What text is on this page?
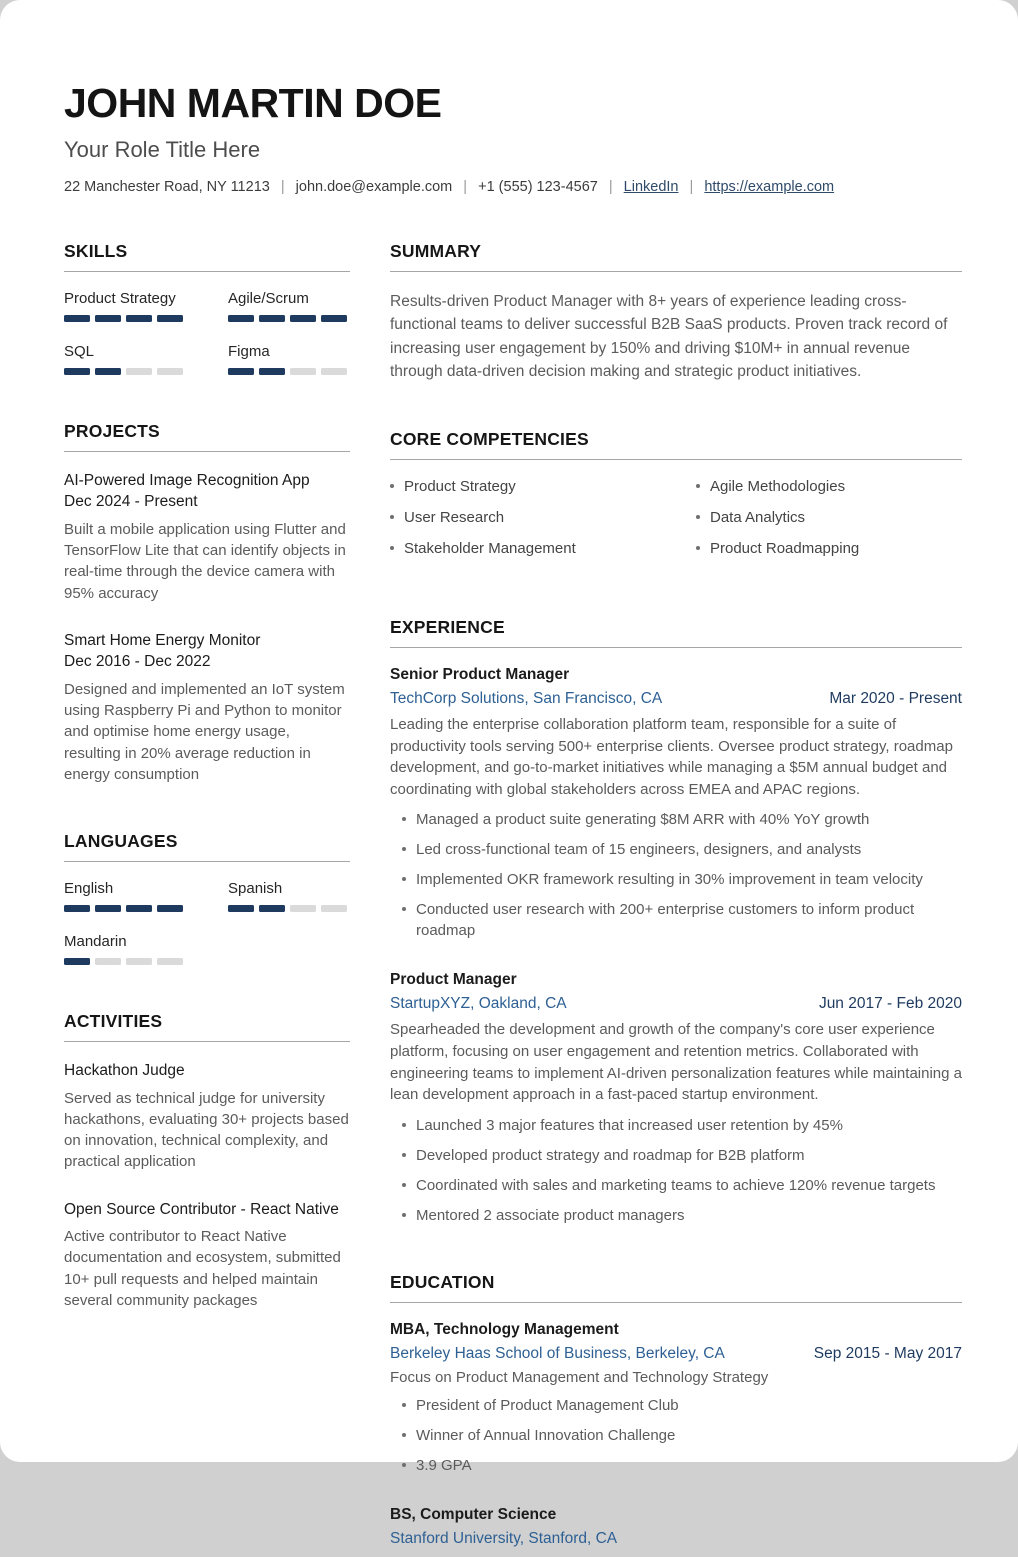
JOHN MARTIN DOE
Your Role Title Here
22 Manchester Road, NY 11213 | john.doe@example.com | +1 (555) 123-4567 | LinkedIn | https://example.com
SKILLS
Product Strategy	Agile/Scrum
SQL	Figma
PROJECTS
AI-Powered Image Recognition App
Dec 2024 - Present
Built a mobile application using Flutter and TensorFlow Lite that can identify objects in real-time through the device camera with 95% accuracy
Smart Home Energy Monitor
Dec 2016 - Dec 2022
Designed and implemented an IoT system using Raspberry Pi and Python to monitor and optimise home energy usage, resulting in 20% average reduction in energy consumption
LANGUAGES
English	Spanish
Mandarin
ACTIVITIES
Hackathon Judge
Served as technical judge for university hackathons, evaluating 30+ projects based on innovation, technical complexity, and practical application
Open Source Contributor - React Native
Active contributor to React Native documentation and ecosystem, submitted 10+ pull requests and helped maintain several community packages
SUMMARY

Results-driven Product Manager with 8+ years of experience leading cross-functional teams to deliver successful B2B SaaS products. Proven track record of increasing user engagement by 150% and driving $10M+ in annual revenue through data-driven decision making and strategic product initiatives.

CORE COMPETENCIES
Product Strategy
User Research
Stakeholder Management
Agile Methodologies
Data Analytics
Product Roadmapping
EXPERIENCE
Senior Product Manager
TechCorp Solutions, San Francisco, CA	Mar 2020 - Present
Leading the enterprise collaboration platform team, responsible for a suite of productivity tools serving 500+ enterprise clients. Oversee product strategy, roadmap development, and go-to-market initiatives while managing a $5M annual budget and coordinating with global stakeholders across EMEA and APAC regions.
Managed a product suite generating $8M ARR with 40% YoY growth
Led cross-functional team of 15 engineers, designers, and analysts
Implemented OKR framework resulting in 30% improvement in team velocity
Conducted user research with 200+ enterprise customers to inform product roadmap
Product Manager
StartupXYZ, Oakland, CA	Jun 2017 - Feb 2020
Spearheaded the development and growth of the company's core user experience platform, focusing on user engagement and retention metrics. Collaborated with engineering teams to implement AI-driven personalization features while maintaining a lean development approach in a fast-paced startup environment.
Launched 3 major features that increased user retention by 45%
Developed product strategy and roadmap for B2B platform
Coordinated with sales and marketing teams to achieve 120% revenue targets
Mentored 2 associate product managers
EDUCATION
MBA, Technology Management
Berkeley Haas School of Business, Berkeley, CA	Sep 2015 - May 2017
Focus on Product Management and Technology Strategy
President of Product Management Club
Winner of Annual Innovation Challenge
3.9 GPA
BS, Computer Science
Stanford University, Stanford, CA
